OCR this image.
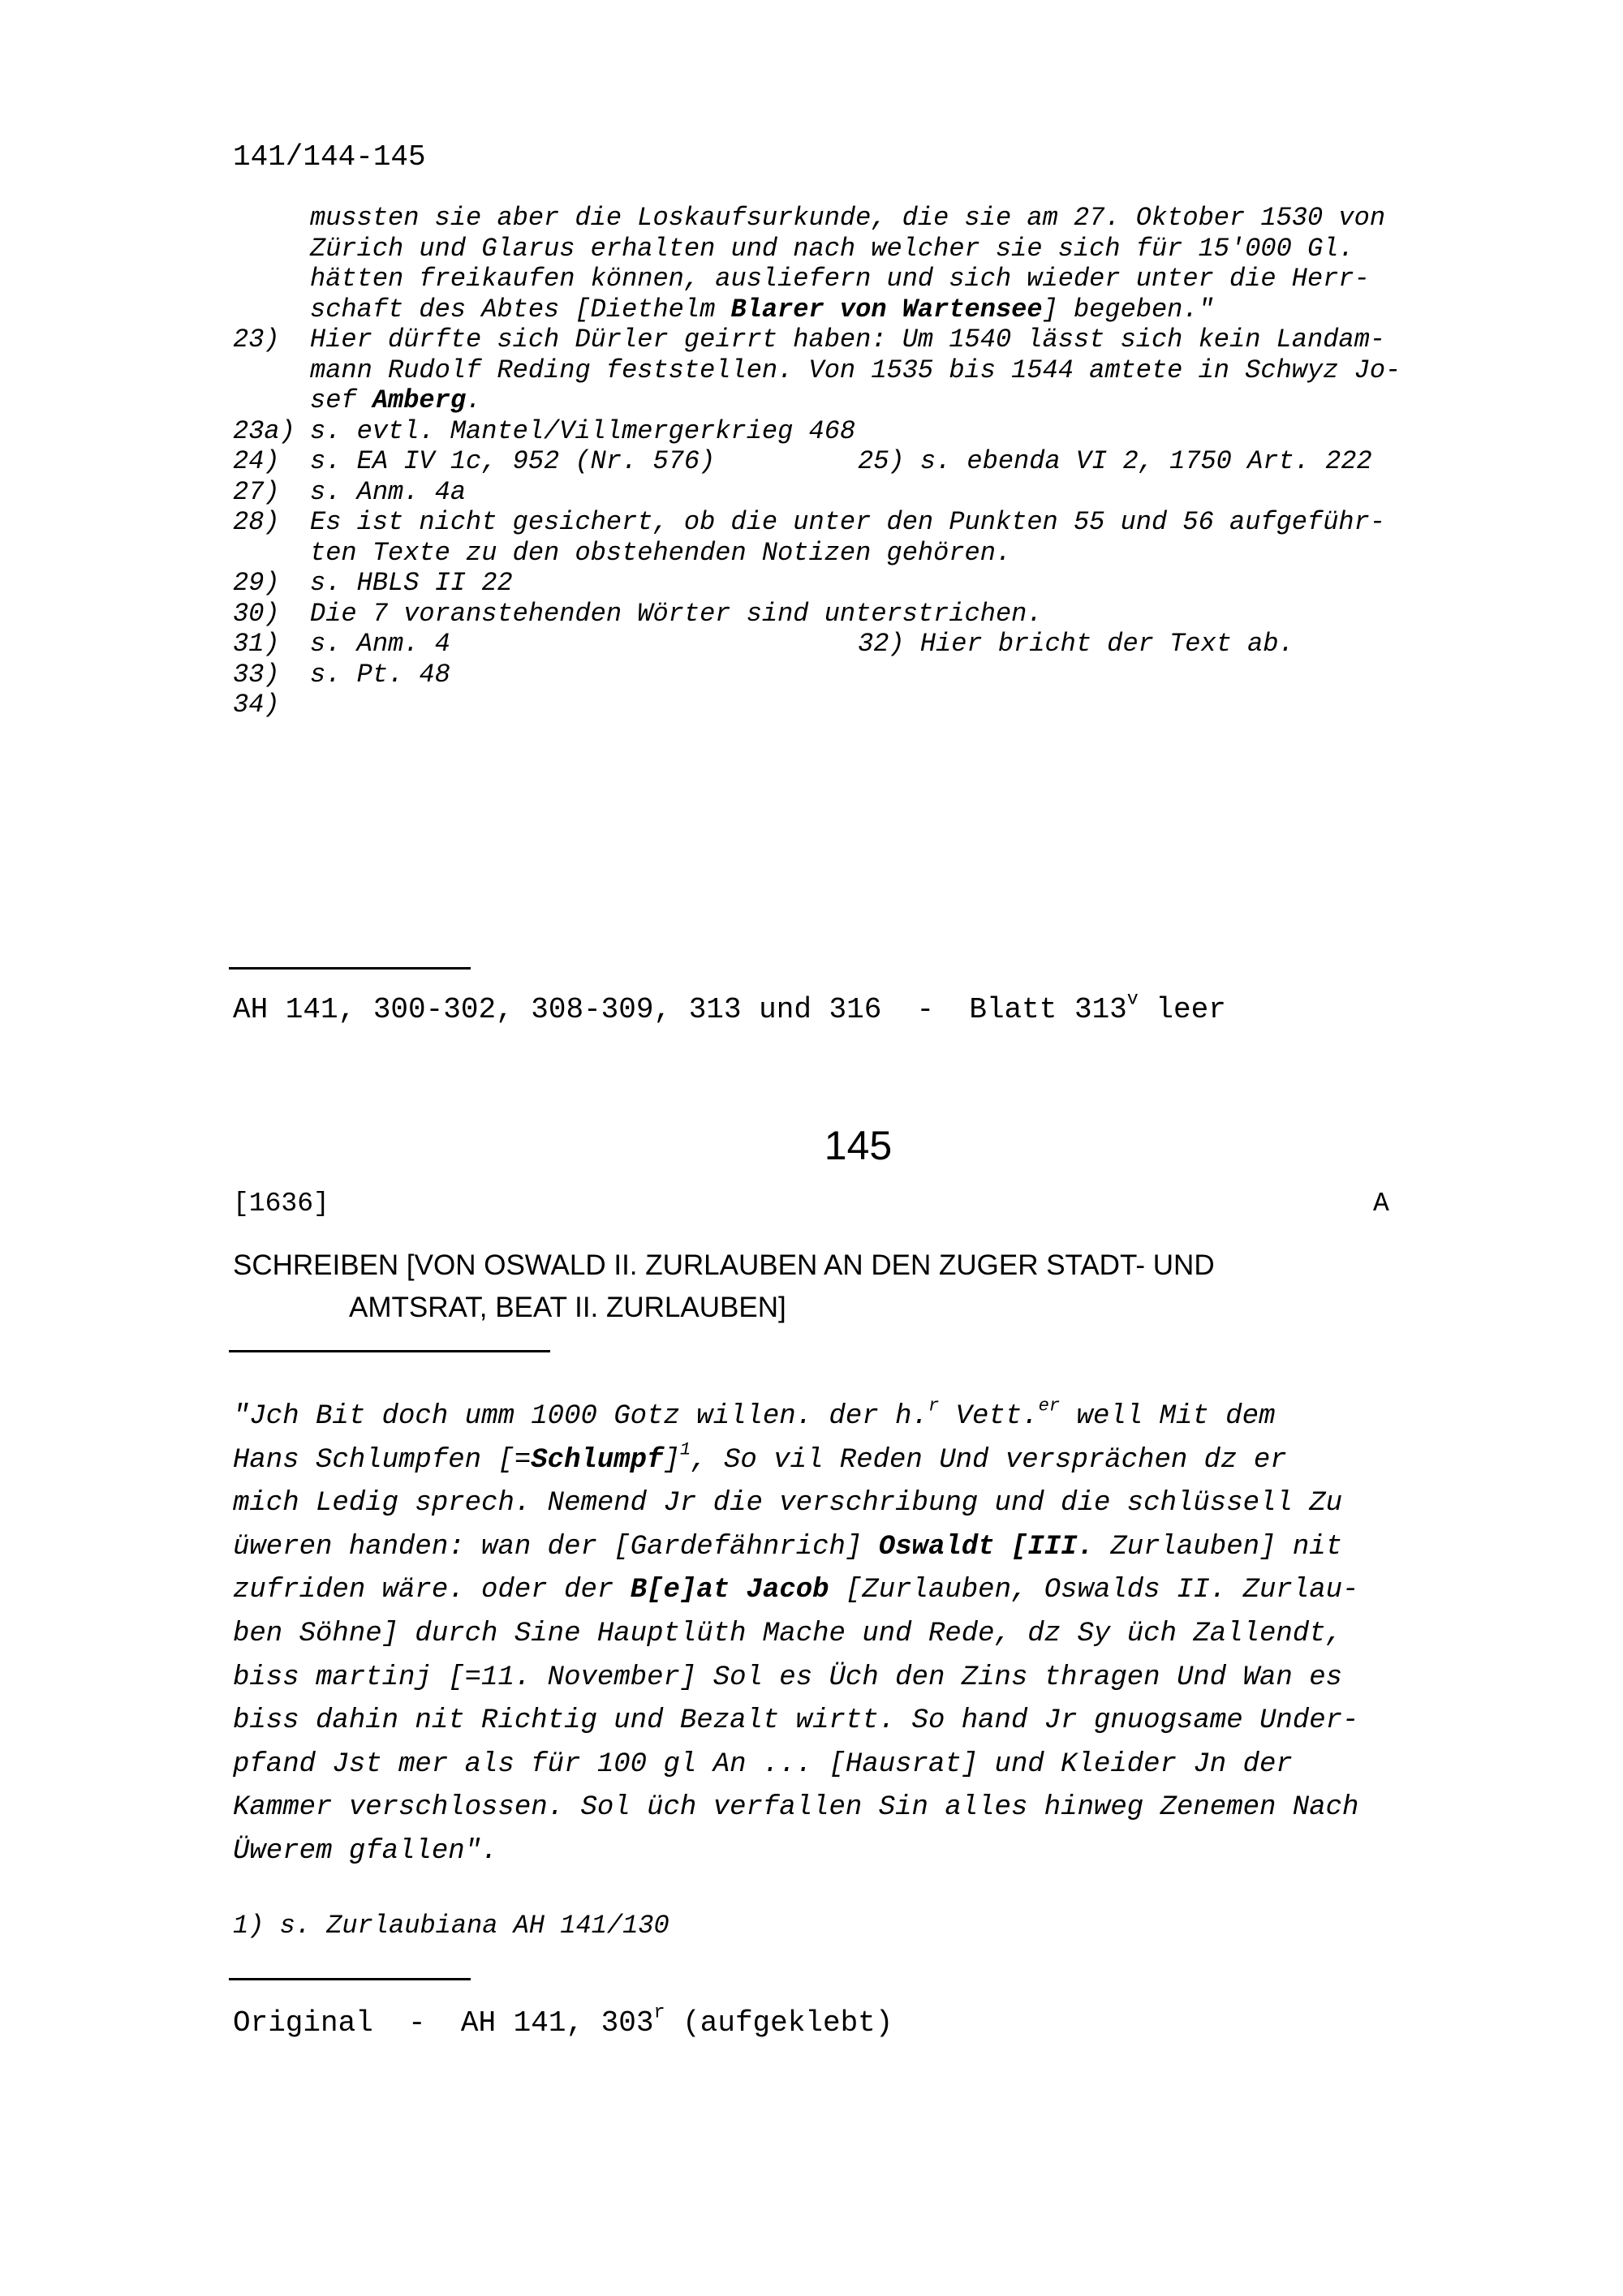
141/144-145
mussten sie aber die Loskaufsurkunde, die sie am 27. Oktober 1530 von
Zürich und Glarus erhalten und nach welcher sie sich für 15'000 Gl.
hätten freikaufen können, ausliefern und sich wieder unter die Herr-
schaft des Abtes [Diethelm Blarer von Wartensee] begeben."
23) Hier dürfte sich Dürler geirrt haben: Um 1540 lässt sich kein Landam-
mann Rudolf Reding feststellen. Von 1535 bis 1544 amtete in Schwyz Jo-
sef Amberg.
23a) s. evtl. Mantel/Villmergerkrieg 468
24) s. EA IV 1c, 952 (Nr. 576)	25) s. ebenda VI 2, 1750 Art. 222
27) s. Anm. 4a
28) Es ist nicht gesichert, ob die unter den Punkten 55 und 56 aufgeführ-
ten Texte zu den obstehenden Notizen gehören.
29) s. HBLS II 22
30) Die 7 voranstehenden Wörter sind unterstrichen.
31) s. Anm. 4	32) Hier bricht der Text ab.
33) s. Pt. 48
34)
AH 141, 300-302, 308-309, 313 und 316  -  Blatt 313$^v$ leer
145
[1636]	A
SCHREIBEN [VON OSWALD II. ZURLAUBEN AN DEN ZUGER STADT- UND
AMTSRAT, BEAT II. ZURLAUBEN]
"Jch Bit doch umm 1000 Gotz willen. der h.$^r$ Vett.$^{er}$ well Mit dem
Hans Schlumpfen [=Schlumpf]$^1$, So vil Reden Und versprächen dz er
mich Ledig sprech. Nemend Jr die verschribung und die schlüssell Zu
üweren handen: wan der [Gardefähnrich] Oswaldt [III. Zurlauben] nit
zufriden wäre. oder der B[e]at Jacob [Zurlauben, Oswalds II. Zurlau-
ben Söhne] durch Sine Hauptlüth Mache und Rede, dz Sy üch Zallendt,
biss martinj [=11. November] Sol es Üch den Zins thragen Und Wan es
biss dahin nit Richtig und Bezalt wirtt. So hand Jr gnuogsame Under-
pfand Jst mer als für 100 gl An ... [Hausrat] und Kleider Jn der
Kammer verschlossen. Sol üch verfallen Sin alles hinweg Zenemen Nach
Üwerem gfallen".
1) s. Zurlaubiana AH 141/130
Original  -  AH 141, 303$^r$ (aufgeklebt)
